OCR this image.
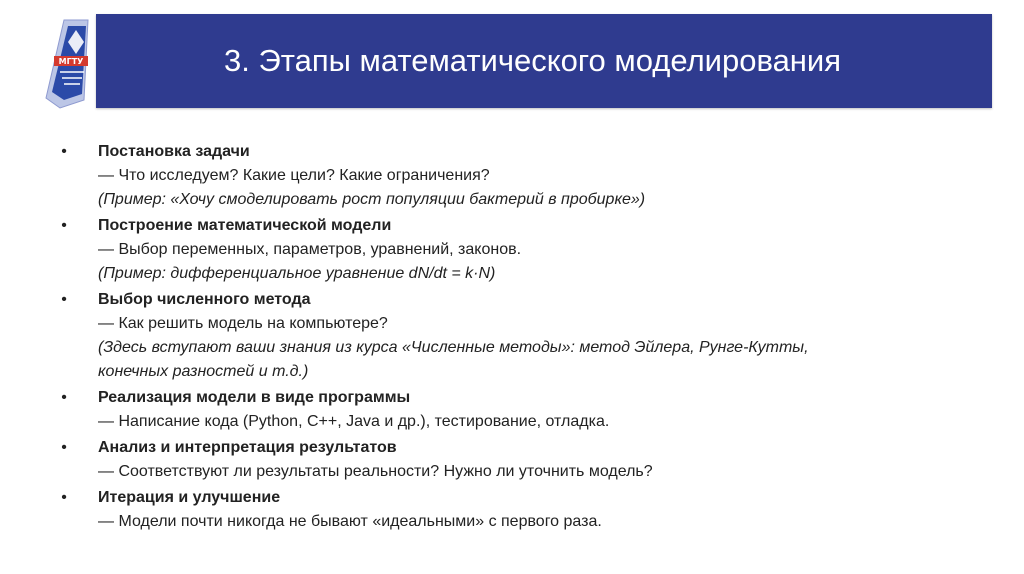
3. Этапы математического моделирования
МГТУ
• Постановка задачи
— Что исследуем? Какие цели? Какие ограничения?
(Пример: «Хочу смоделировать рост популяции бактерий в пробирке»)
• Построение математической модели
— Выбор переменных, параметров, уравнений, законов.
(Пример: дифференциальное уравнение dN/dt = k·N)
• Выбор численного метода
— Как решить модель на компьютере?
(Здесь вступают ваши знания из курса «Численные методы»: метод Эйлера, Рунге-Кутты,
конечных разностей и т.д.)
• Реализация модели в виде программы
— Написание кода (Python, C++, Java и др.), тестирование, отладка.
• Анализ и интерпретация результатов
— Соответствуют ли результаты реальности? Нужно ли уточнить модель?
• Итерация и улучшение
— Модели почти никогда не бывают «идеальными» с первого раза.
